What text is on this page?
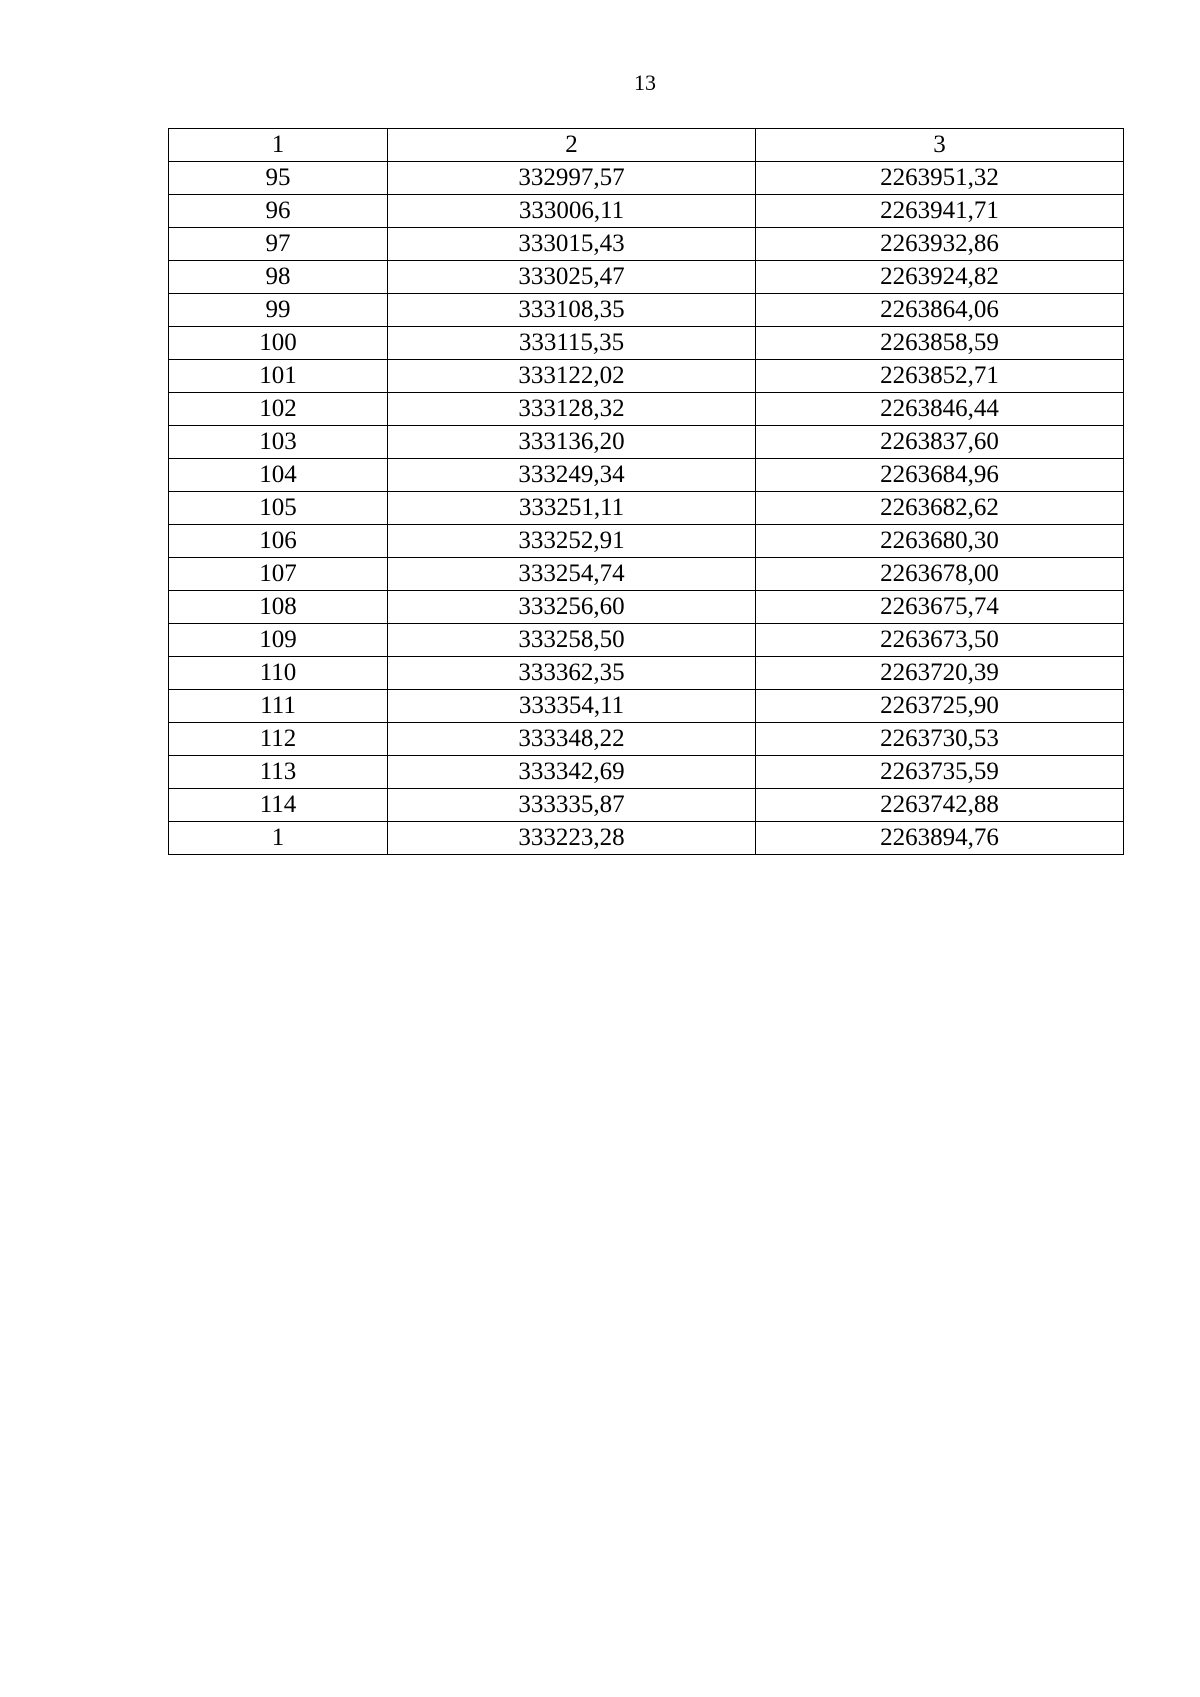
13
1	2	3
95	332997,57	2263951,32
96	333006,11	2263941,71
97	333015,43	2263932,86
98	333025,47	2263924,82
99	333108,35	2263864,06
100	333115,35	2263858,59
101	333122,02	2263852,71
102	333128,32	2263846,44
103	333136,20	2263837,60
104	333249,34	2263684,96
105	333251,11	2263682,62
106	333252,91	2263680,30
107	333254,74	2263678,00
108	333256,60	2263675,74
109	333258,50	2263673,50
110	333362,35	2263720,39
111	333354,11	2263725,90
112	333348,22	2263730,53
113	333342,69	2263735,59
114	333335,87	2263742,88
1	333223,28	2263894,76
